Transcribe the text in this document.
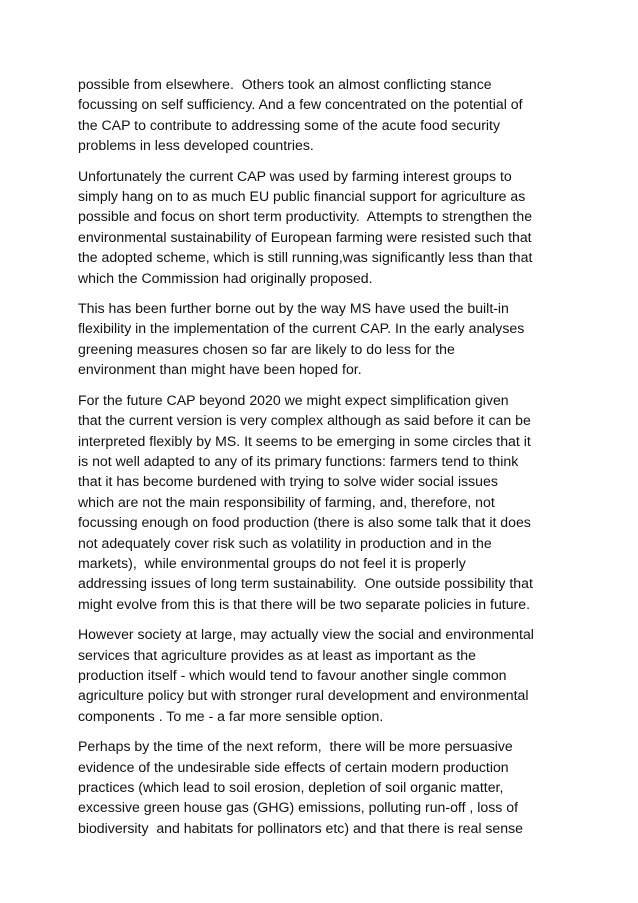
possible from elsewhere.  Others took an almost conflicting stance
focussing on self sufficiency. And a few concentrated on the potential of
the CAP to contribute to addressing some of the acute food security
problems in less developed countries.

Unfortunately the current CAP was used by farming interest groups to
simply hang on to as much EU public financial support for agriculture as
possible and focus on short term productivity.  Attempts to strengthen the
environmental sustainability of European farming were resisted such that
the adopted scheme, which is still running,was significantly less than that
which the Commission had originally proposed.

This has been further borne out by the way MS have used the built-in
flexibility in the implementation of the current CAP. In the early analyses
greening measures chosen so far are likely to do less for the
environment than might have been hoped for.

For the future CAP beyond 2020 we might expect simplification given
that the current version is very complex although as said before it can be
interpreted flexibly by MS. It seems to be emerging in some circles that it
is not well adapted to any of its primary functions: farmers tend to think
that it has become burdened with trying to solve wider social issues
which are not the main responsibility of farming, and, therefore, not
focussing enough on food production (there is also some talk that it does
not adequately cover risk such as volatility in production and in the
markets),  while environmental groups do not feel it is properly
addressing issues of long term sustainability.  One outside possibility that
might evolve from this is that there will be two separate policies in future.

However society at large, may actually view the social and environmental
services that agriculture provides as at least as important as the
production itself - which would tend to favour another single common
agriculture policy but with stronger rural development and environmental
components . To me - a far more sensible option.

Perhaps by the time of the next reform,  there will be more persuasive
evidence of the undesirable side effects of certain modern production
practices (which lead to soil erosion, depletion of soil organic matter,
excessive green house gas (GHG) emissions, polluting run-off , loss of
biodiversity  and habitats for pollinators etc) and that there is real sense
